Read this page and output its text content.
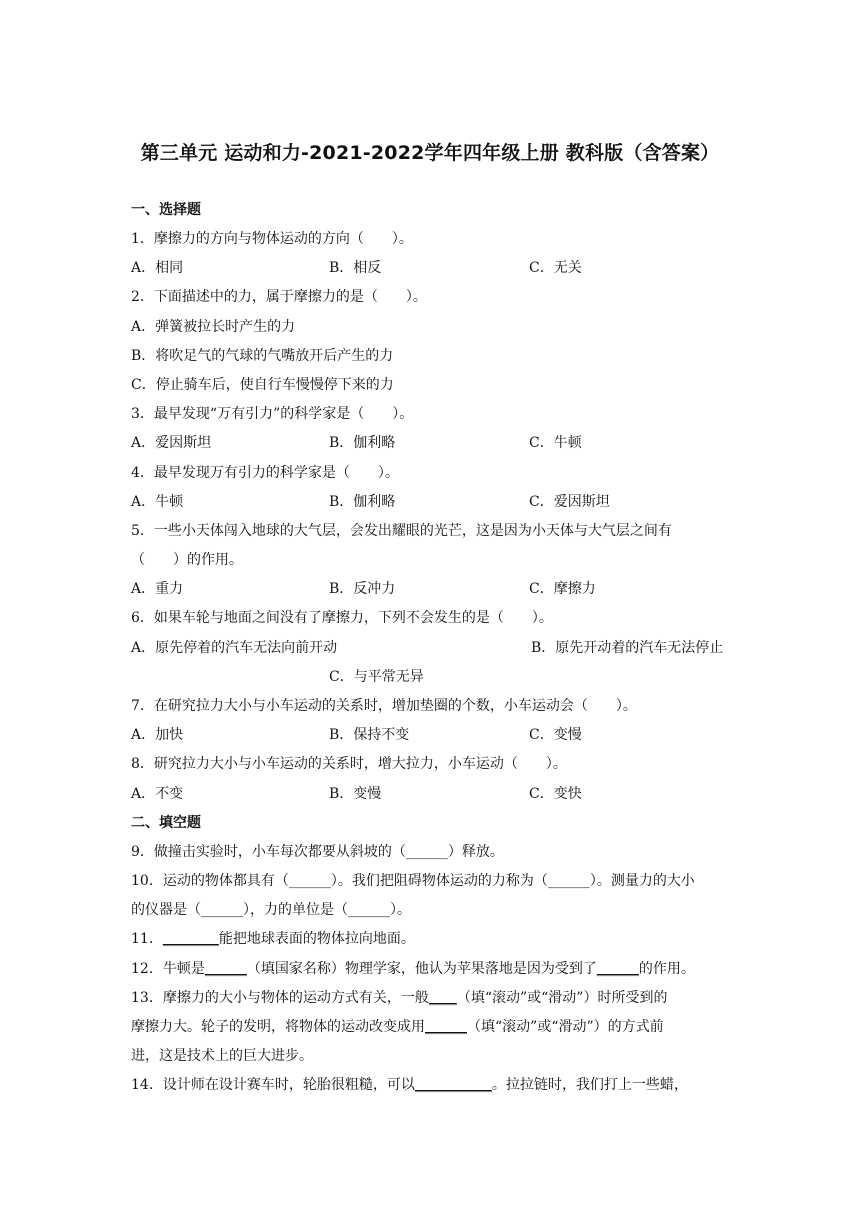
第三单元 运动和力-2021-2022学年四年级上册 教科版（含答案）
一、选择题
1．摩擦力的方向与物体运动的方向（　　）。
A．相同	B．相反	C．无关
2．下面描述中的力，属于摩擦力的是（　　）。
A．弹簧被拉长时产生的力
B．将吹足气的气球的气嘴放开后产生的力
C．停止骑车后，使自行车慢慢停下来的力
3．最早发现“万有引力”的科学家是（　　）。
A．爱因斯坦	B．伽利略	C．牛顿
4．最早发现万有引力的科学家是（　　）。
A．牛顿	B．伽利略	C．爱因斯坦
5．一些小天体闯入地球的大气层，会发出耀眼的光芒，这是因为小天体与大气层之间有
（　　）的作用。
A．重力	B．反冲力	C．摩擦力
6．如果车轮与地面之间没有了摩擦力，下列不会发生的是（　　）。
A．原先停着的汽车无法向前开动	B．原先开动着的汽车无法停止
C．与平常无异
7．在研究拉力大小与小车运动的关系时，增加垫圈的个数，小车运动会（　　）。
A．加快	B．保持不变	C．变慢
8．研究拉力大小与小车运动的关系时，增大拉力，小车运动（　　）。
A．不变	B．变慢	C．变快
二、填空题
9．做撞击实验时，小车每次都要从斜坡的（______）释放。
10．运动的物体都具有（______）。我们把阻碍物体运动的力称为（______）。测量力的大小
的仪器是（______），力的单位是（______）。
11．________能把地球表面的物体拉向地面。
12．牛顿是______（填国家名称）物理学家，他认为苹果落地是因为受到了______的作用。
13．摩擦力的大小与物体的运动方式有关，一般____（填“滚动”或“滑动”）时所受到的
摩擦力大。轮子的发明，将物体的运动改变成用______（填“滚动”或“滑动”）的方式前
进，这是技术上的巨大进步。
14．设计师在设计赛车时，轮胎很粗糙，可以___________。拉拉链时，我们打上一些蜡，
